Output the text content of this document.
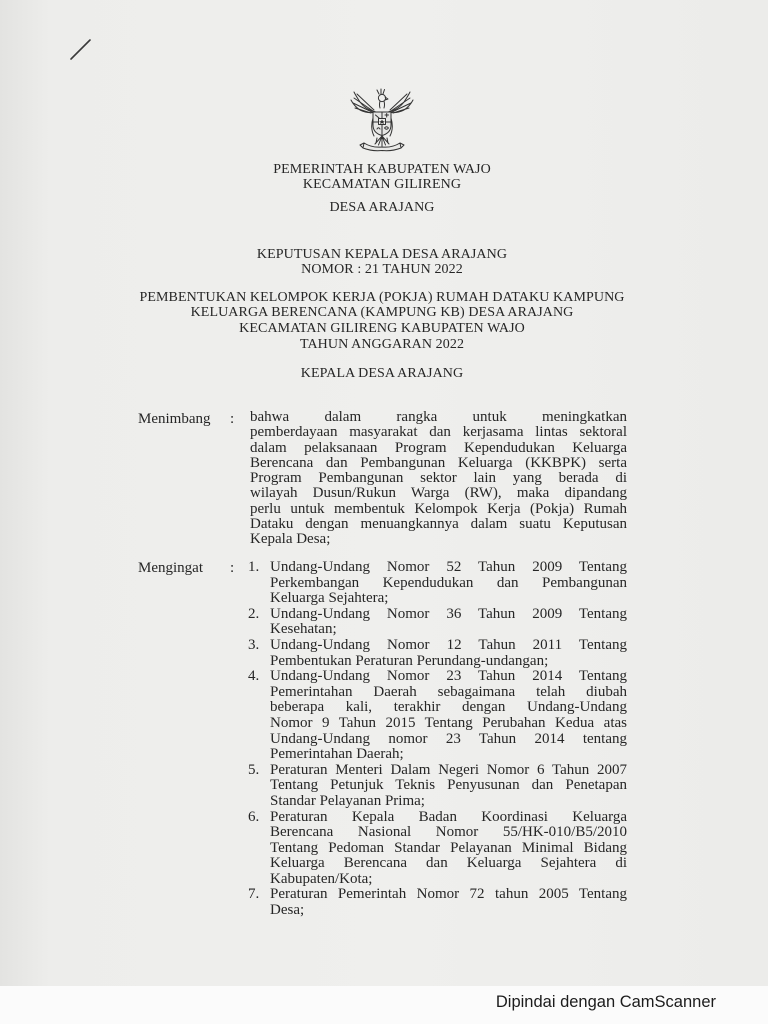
PEMERINTAH KABUPATEN WAJO
KECAMATAN GILIRENG
DESA ARAJANG
KEPUTUSAN KEPALA DESA ARAJANG
NOMOR : 21 TAHUN 2022
PEMBENTUKAN KELOMPOK KERJA (POKJA) RUMAH DATAKU KAMPUNG
KELUARGA BERENCANA (KAMPUNG KB) DESA ARAJANG
KECAMATAN GILIRENG KABUPATEN WAJO
TAHUN ANGGARAN 2022
KEPALA DESA ARAJANG
Menimbang : bahwa dalam rangka untuk meningkatkan
pemberdayaan masyarakat dan kerjasama lintas sektoral
dalam pelaksanaan Program Kependudukan Keluarga
Berencana dan Pembangunan Keluarga (KKBPK) serta
Program Pembangunan sektor lain yang berada di
wilayah Dusun/Rukun Warga (RW), maka dipandang
perlu untuk membentuk Kelompok Kerja (Pokja) Rumah
Dataku dengan menuangkannya dalam suatu Keputusan
Kepala Desa;
Mengingat : 1. Undang-Undang Nomor 52 Tahun 2009 Tentang
Perkembangan Kependudukan dan Pembangunan
Keluarga Sejahtera;
2. Undang-Undang Nomor 36 Tahun 2009 Tentang
Kesehatan;
3. Undang-Undang Nomor 12 Tahun 2011 Tentang
Pembentukan Peraturan Perundang-undangan;
4. Undang-Undang Nomor 23 Tahun 2014 Tentang
Pemerintahan Daerah sebagaimana telah diubah
beberapa kali, terakhir dengan Undang-Undang
Nomor 9 Tahun 2015 Tentang Perubahan Kedua atas
Undang-Undang nomor 23 Tahun 2014 tentang
Pemerintahan Daerah;
5. Peraturan Menteri Dalam Negeri Nomor 6 Tahun 2007
Tentang Petunjuk Teknis Penyusunan dan Penetapan
Standar Pelayanan Prima;
6. Peraturan Kepala Badan Koordinasi Keluarga
Berencana Nasional Nomor 55/HK-010/B5/2010
Tentang Pedoman Standar Pelayanan Minimal Bidang
Keluarga Berencana dan Keluarga Sejahtera di
Kabupaten/Kota;
7. Peraturan Pemerintah Nomor 72 tahun 2005 Tentang
Desa;
Dipindai dengan CamScanner
